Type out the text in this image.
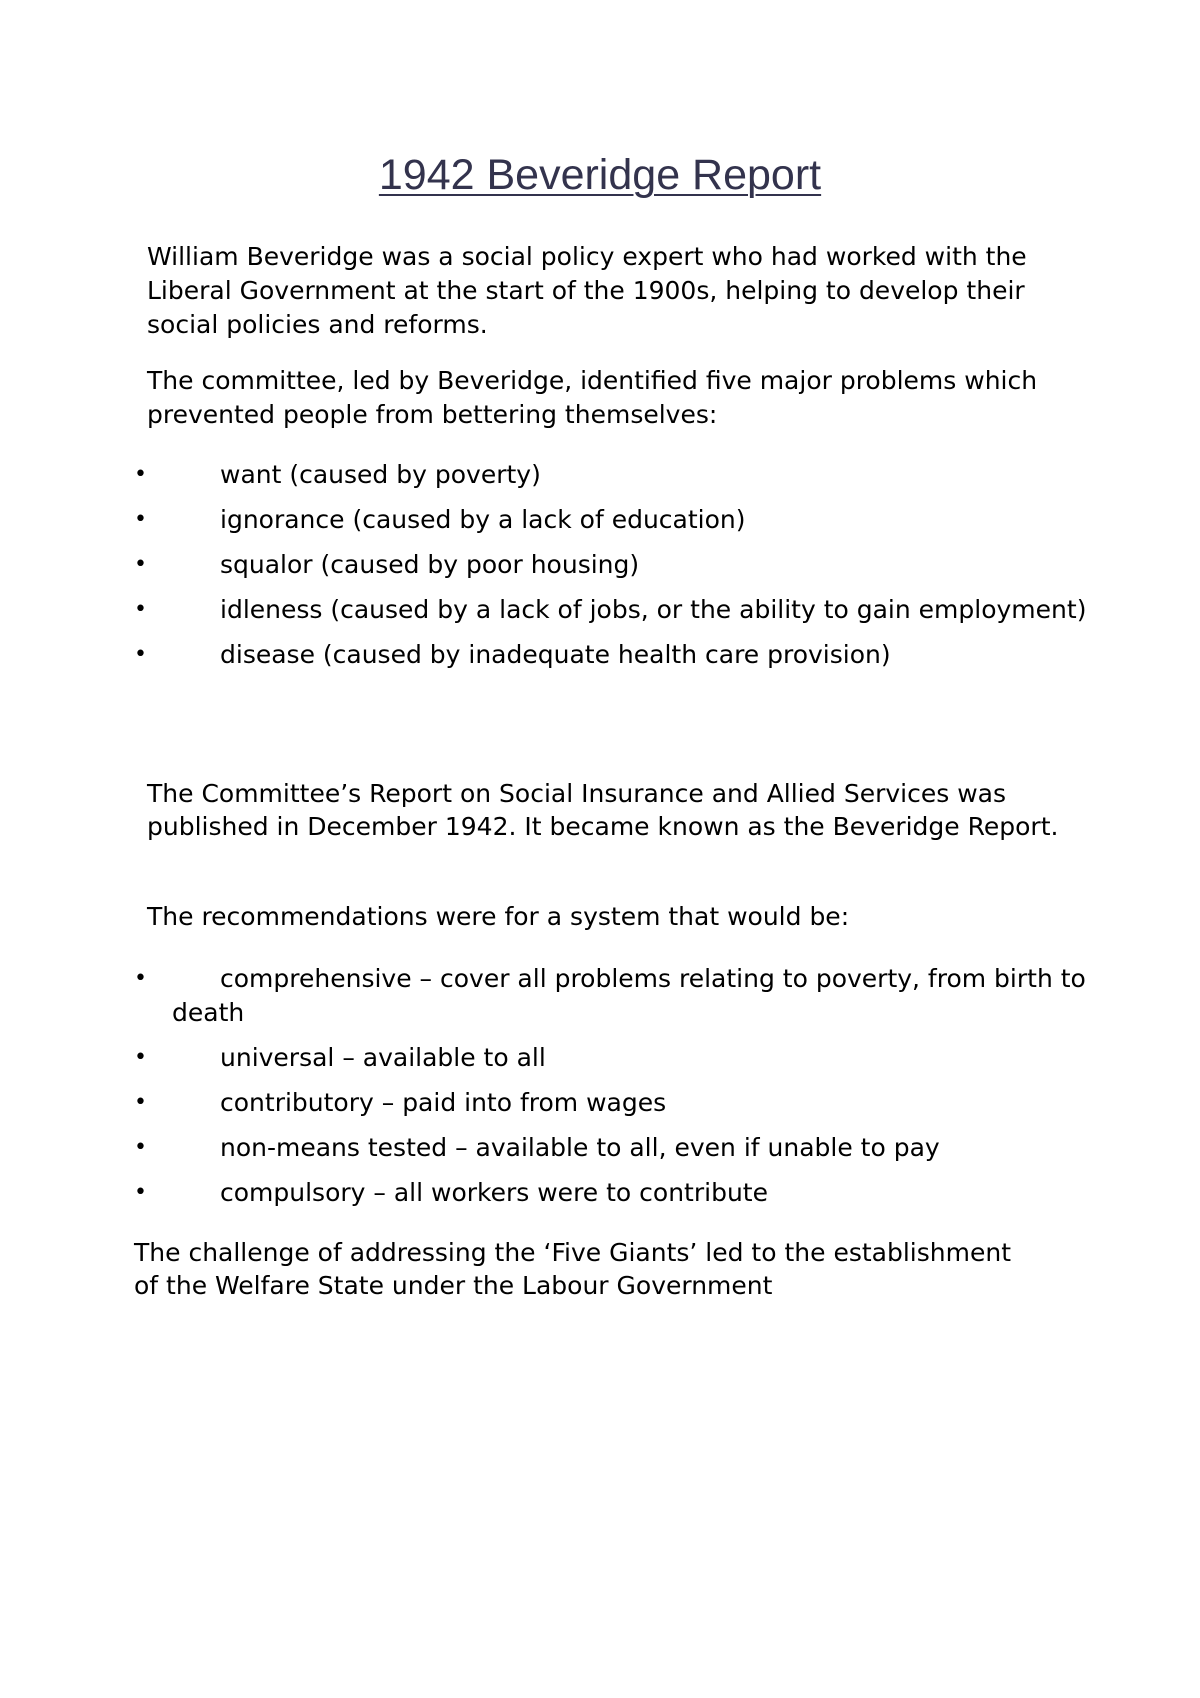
1942 Beveridge Report

William Beveridge was a social policy expert who had worked with the Liberal Government at the start of the 1900s, helping to develop their social policies and reforms.

The committee, led by Beveridge, identified five major problems which prevented people from bettering themselves:

•	want (caused by poverty)
•	ignorance (caused by a lack of education)
•	squalor (caused by poor housing)
•	idleness (caused by a lack of jobs, or the ability to gain employment)
•	disease (caused by inadequate health care provision)

The Committee’s Report on Social Insurance and Allied Services was published in December 1942. It became known as the Beveridge Report.

The recommendations were for a system that would be:

•	comprehensive – cover all problems relating to poverty, from birth to death
•	universal – available to all
•	contributory – paid into from wages
•	non-means tested – available to all, even if unable to pay
•	compulsory – all workers were to contribute

The challenge of addressing the ‘Five Giants’ led to the establishment of the Welfare State under the Labour Government
